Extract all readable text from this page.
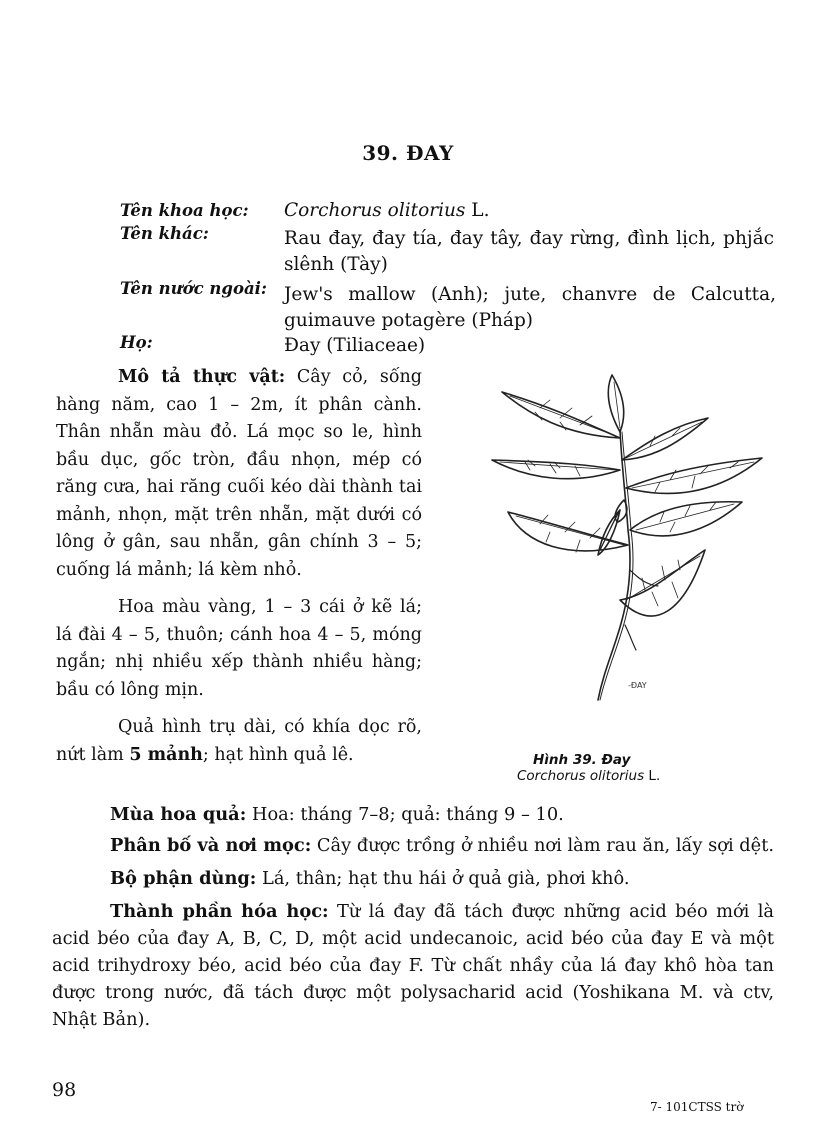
39. ĐAY
Tên khoa học: Corchorus olitorius L.
Tên khác:	Rau đay, đay tía, đay tây, đay rừng, đình lịch, phjắc slênh (Tày)
Tên nước ngoài: Jew's mallow (Anh); jute, chanvre de Calcutta, guimauve potagère (Pháp)
Họ:	Đay (Tiliaceae)
Mô tả thực vật: Cây cỏ, sống hàng năm, cao 1 – 2m, ít phân cành. Thân nhẵn màu đỏ. Lá mọc so le, hình bầu dục, gốc tròn, đầu nhọn, mép có răng cưa, hai răng cuối kéo dài thành tai mảnh, nhọn, mặt trên nhẵn, mặt dưới có lông ở gân, sau nhẵn, gân chính 3 – 5; cuống lá mảnh; lá kèm nhỏ.
Hoa màu vàng, 1 – 3 cái ở kẽ lá; lá đài 4 – 5, thuôn; cánh hoa 4 – 5, móng ngắn; nhị nhiều xếp thành nhiều hàng; bầu có lông mịn.
Quả hình trụ dài, có khía dọc rõ, nứt làm 5 mảnh; hạt hình quả lê.
-ĐAY
Hình 39. Đay
Corchorus olitorius L.
Mùa hoa quả: Hoa: tháng 7–8; quả: tháng 9 – 10.
Phân bố và nơi mọc: Cây được trồng ở nhiều nơi làm rau ăn, lấy sợi dệt.
Bộ phận dùng: Lá, thân; hạt thu hái ở quả già, phơi khô.
Thành phần hóa học: Từ lá đay đã tách được những acid béo mới là acid béo của đay A, B, C, D, một acid undecanoic, acid béo của đay E và một acid trihydroxy béo, acid béo của đay F. Từ chất nhầy của lá đay khô hòa tan được trong nước, đã tách được một polysacharid acid (Yoshikana M. và ctv, Nhật Bản).
98
7- 101CTSS trờ
